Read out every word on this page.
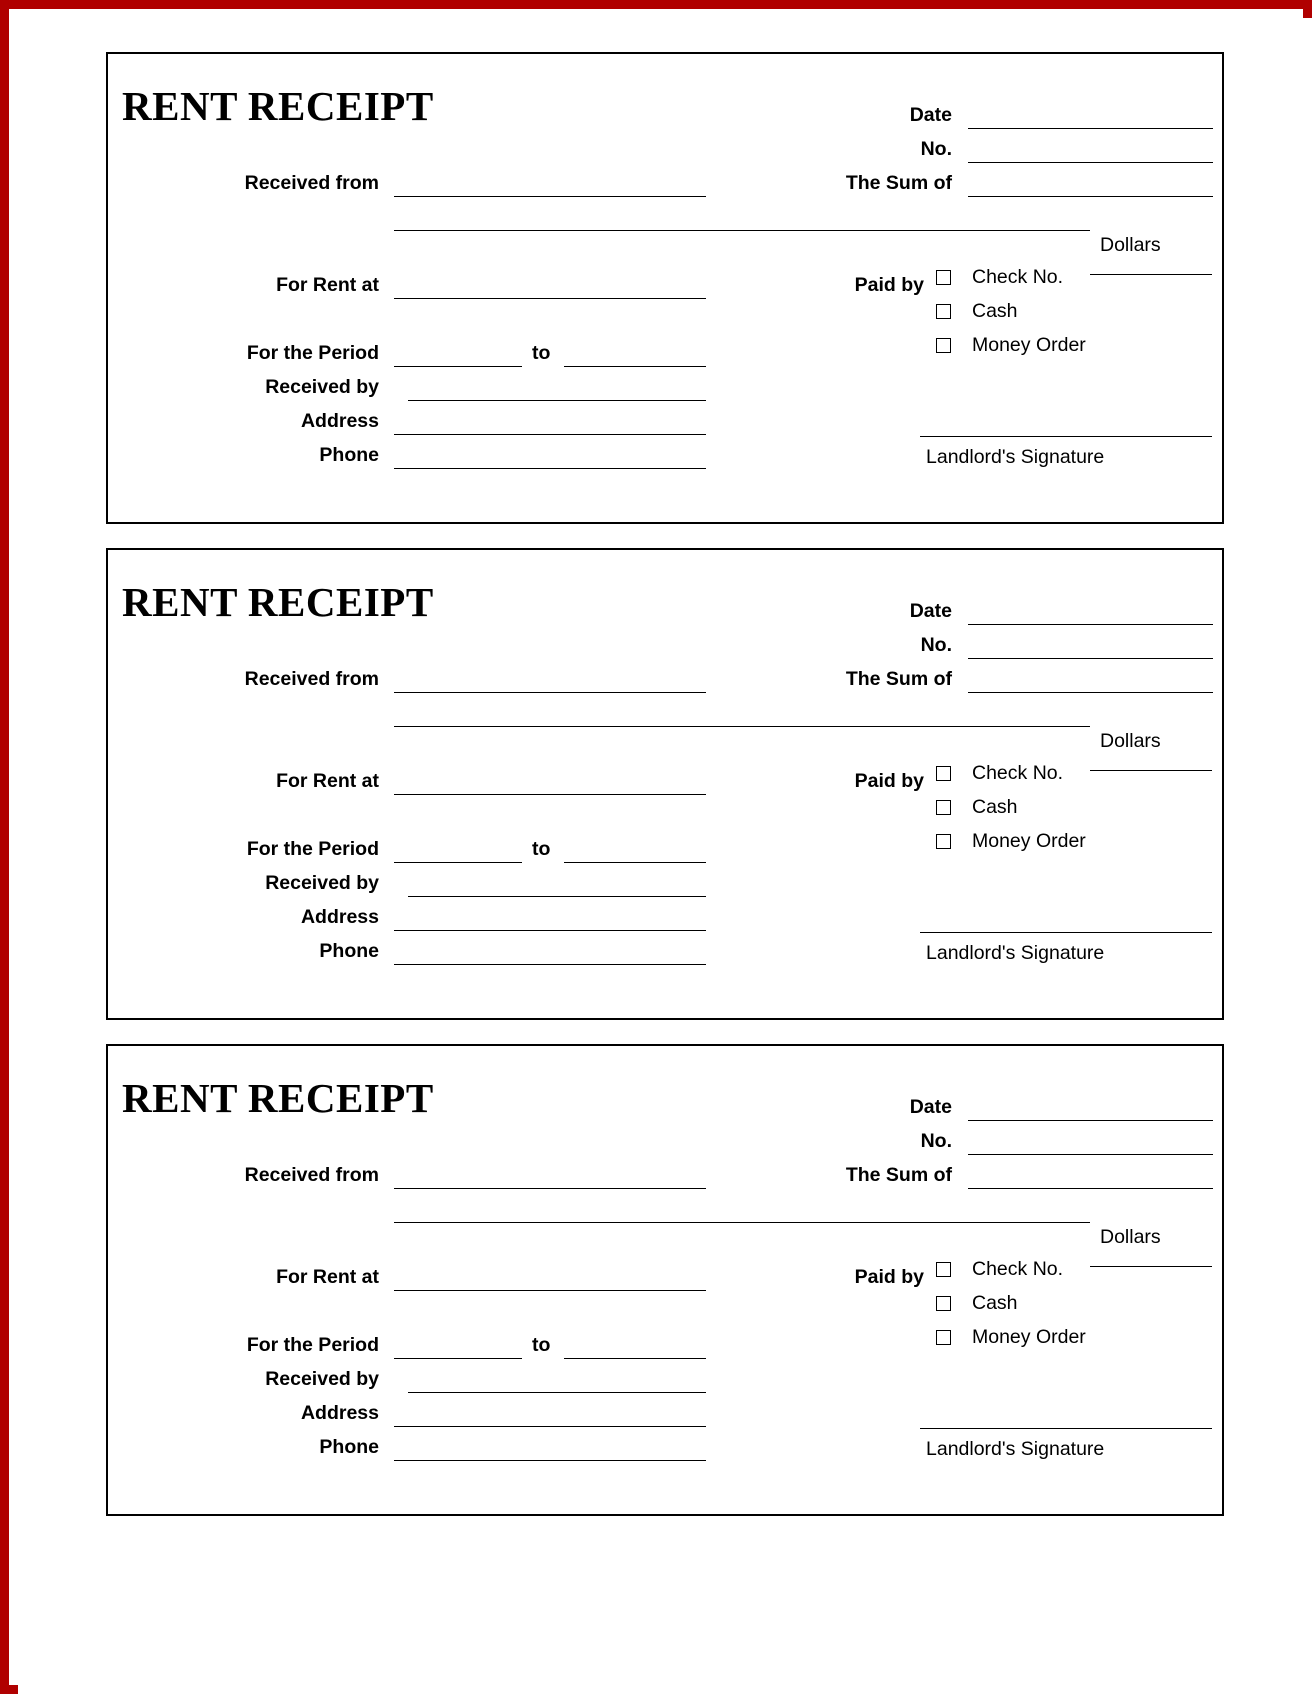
RENT RECEIPT
Received from
For Rent at
For the Period	to
Received by
Address
Phone
Date
No.
The Sum of
Dollars
Paid by Check No.
Cash
Money Order
Landlord's Signature
RENT RECEIPT
Received from
For Rent at
For the Period	to
Received by
Address
Phone
Date
No.
The Sum of
Dollars
Paid by Check No.
Cash
Money Order
Landlord's Signature
RENT RECEIPT
Received from
For Rent at
For the Period	to
Received by
Address
Phone
Date
No.
The Sum of
Dollars
Paid by Check No.
Cash
Money Order
Landlord's Signature
